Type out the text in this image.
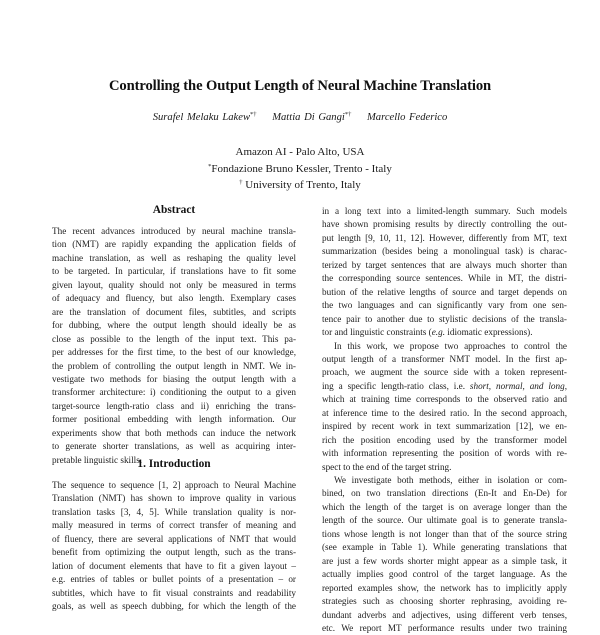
Controlling the Output Length of Neural Machine Translation
Surafel Melaku Lakew*† Mattia Di Gangi*† Marcello Federico
Amazon AI - Palo Alto, USA
*Fondazione Bruno Kessler, Trento - Italy
† University of Trento, Italy
Abstract
The recent advances introduced by neural machine transla-
tion (NMT) are rapidly expanding the application fields of
machine translation, as well as reshaping the quality level
to be targeted. In particular, if translations have to fit some
given layout, quality should not only be measured in terms
of adequacy and fluency, but also length. Exemplary cases
are the translation of document files, subtitles, and scripts
for dubbing, where the output length should ideally be as
close as possible to the length of the input text. This pa-
per addresses for the first time, to the best of our knowledge,
the problem of controlling the output length in NMT. We in-
vestigate two methods for biasing the output length with a
transformer architecture: i) conditioning the output to a given
target-source length-ratio class and ii) enriching the trans-
former positional embedding with length information. Our
experiments show that both methods can induce the network
to generate shorter translations, as well as acquiring inter-
pretable linguistic skills.
1. Introduction
The sequence to sequence [1, 2] approach to Neural Machine
Translation (NMT) has shown to improve quality in various
translation tasks [3, 4, 5]. While translation quality is nor-
mally measured in terms of correct transfer of meaning and
of fluency, there are several applications of NMT that would
benefit from optimizing the output length, such as the trans-
lation of document elements that have to fit a given layout –
e.g. entries of tables or bullet points of a presentation – or
subtitles, which have to fit visual constraints and readability
goals, as well as speech dubbing, for which the length of the
in a long text into a limited-length summary. Such models
have shown promising results by directly controlling the out-
put length [9, 10, 11, 12]. However, differently from MT, text
summarization (besides being a monolingual task) is charac-
terized by target sentences that are always much shorter than
the corresponding source sentences. While in MT, the distri-
bution of the relative lengths of source and target depends on
the two languages and can significantly vary from one sen-
tence pair to another due to stylistic decisions of the transla-
tor and linguistic constraints (e.g. idiomatic expressions).
In this work, we propose two approaches to control the
output length of a transformer NMT model. In the first ap-
proach, we augment the source side with a token represent-
ing a specific length-ratio class, i.e. short, normal, and long,
which at training time corresponds to the observed ratio and
at inference time to the desired ratio. In the second approach,
inspired by recent work in text summarization [12], we en-
rich the position encoding used by the transformer model
with information representing the position of words with re-
spect to the end of the target string.
We investigate both methods, either in isolation or com-
bined, on two translation directions (En-It and En-De) for
which the length of the target is on average longer than the
length of the source. Our ultimate goal is to generate transla-
tions whose length is not longer than that of the source string
(see example in Table 1). While generating translations that
are just a few words shorter might appear as a simple task, it
actually implies good control of the target language. As the
reported examples show, the network has to implicitly apply
strategies such as choosing shorter rephrasing, avoiding re-
dundant adverbs and adjectives, using different verb tenses,
etc. We report MT performance results under two training
